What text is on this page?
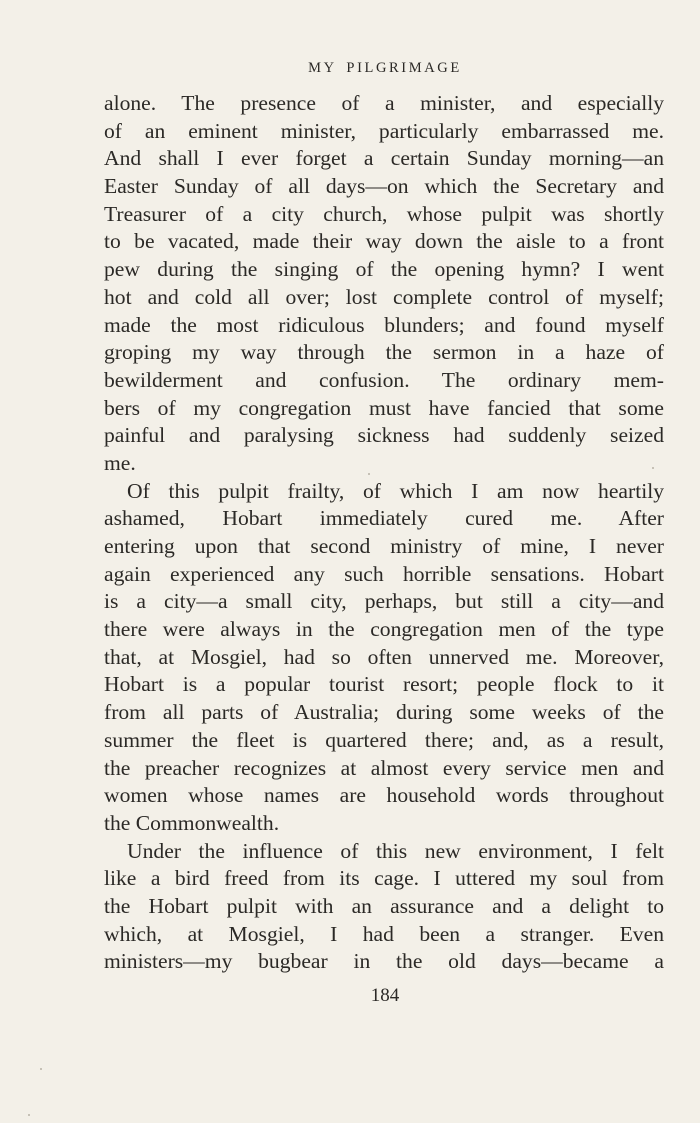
MY PILGRIMAGE
alone. The presence of a minister, and especially
of an eminent minister, particularly embarrassed me.
And shall I ever forget a certain Sunday morning—an
Easter Sunday of all days—on which the Secretary and
Treasurer of a city church, whose pulpit was shortly
to be vacated, made their way down the aisle to a front
pew during the singing of the opening hymn? I went
hot and cold all over; lost complete control of myself;
made the most ridiculous blunders; and found myself
groping my way through the sermon in a haze of
bewilderment and confusion. The ordinary mem-
bers of my congregation must have fancied that some
painful and paralysing sickness had suddenly seized
me.
Of this pulpit frailty, of which I am now heartily
ashamed, Hobart immediately cured me. After
entering upon that second ministry of mine, I never
again experienced any such horrible sensations. Hobart
is a city—a small city, perhaps, but still a city—and
there were always in the congregation men of the type
that, at Mosgiel, had so often unnerved me. Moreover,
Hobart is a popular tourist resort; people flock to it
from all parts of Australia; during some weeks of the
summer the fleet is quartered there; and, as a result,
the preacher recognizes at almost every service men and
women whose names are household words throughout
the Commonwealth.
Under the influence of this new environment, I felt
like a bird freed from its cage. I uttered my soul from
the Hobart pulpit with an assurance and a delight to
which, at Mosgiel, I had been a stranger. Even
ministers—my bugbear in the old days—became a
184
